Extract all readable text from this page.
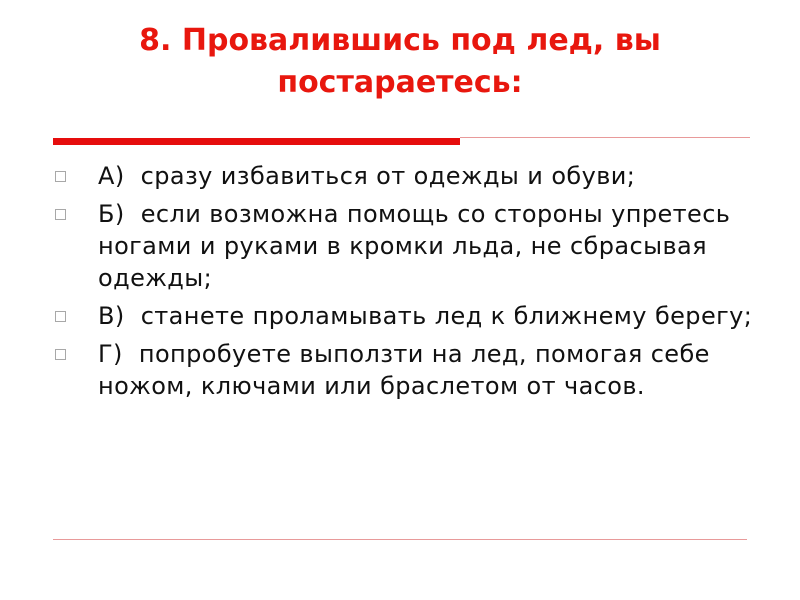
8. Провалившись под лед, вы
постараетесь:
А) сразу избавиться от одежды и обуви;
Б) если возможна помощь со стороны упретесь ногами и руками в кромки льда, не сбрасывая одежды;
В) станете проламывать лед к ближнему берегу;
Г) попробуете выползти на лед, помогая себе ножом, ключами или браслетом от часов.
